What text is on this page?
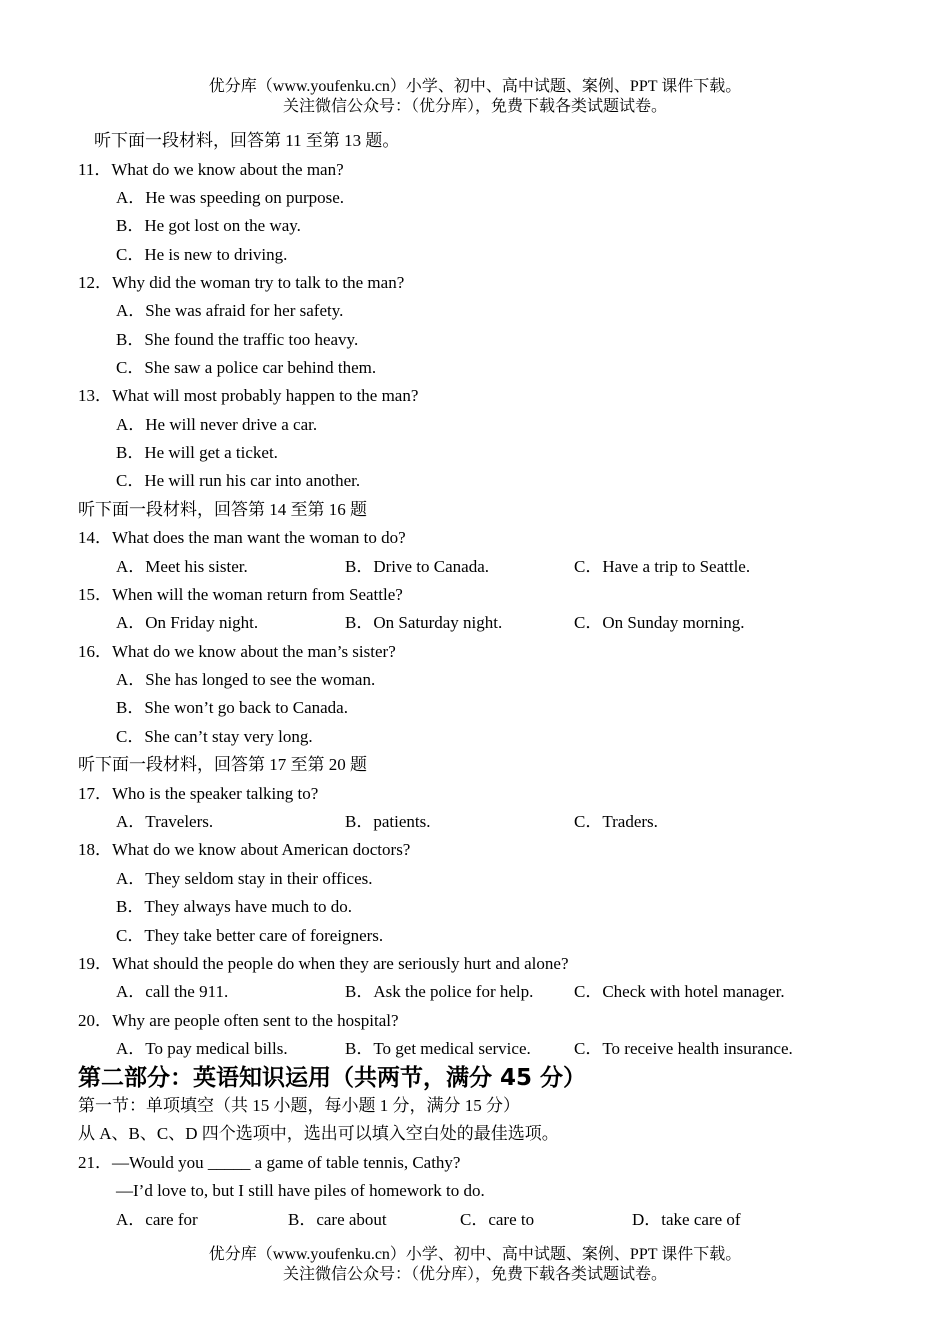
优分库（www.youfenku.cn）小学、初中、高中试题、案例、PPT 课件下载。
关注微信公众号：（优分库），免费下载各类试题试卷。
听下面一段材料，回答第 11 至第 13 题。
11．What do we know about the man?
A．He was speeding on purpose.
B．He got lost on the way.
C．He is new to driving.
12．Why did the woman try to talk to the man?
A．She was afraid for her safety.
B．She found the traffic too heavy.
C．She saw a police car behind them.
13．What will most probably happen to the man?
A．He will never drive a car.
B．He will get a ticket.
C．He will run his car into another.
听下面一段材料，回答第 14 至第 16 题
14．What does the man want the woman to do?
A．Meet his sister.	B．Drive to Canada.	C．Have a trip to Seattle.
15．When will the woman return from Seattle?
A．On Friday night.	B．On Saturday night.	C．On Sunday morning.
16．What do we know about the man’s sister?
A．She has longed to see the woman.
B．She won’t go back to Canada.
C．She can’t stay very long.
听下面一段材料，回答第 17 至第 20 题
17．Who is the speaker talking to?
A．Travelers.	B．patients.	C．Traders.
18．What do we know about American doctors?
A．They seldom stay in their offices.
B．They always have much to do.
C．They take better care of foreigners.
19．What should the people do when they are seriously hurt and alone?
A．call the 911.	B．Ask the police for help. C．Check with hotel manager.
20．Why are people often sent to the hospital?
A．To pay medical bills.	B．To get medical service.	C．To receive health insurance.
第二部分：英语知识运用（共两节，满分 45 分）
第一节：单项填空（共 15 小题，每小题 1 分，满分 15 分）
从 A、B、C、D 四个选项中，选出可以填入空白处的最佳选项。
21．—Would you _____ a game of table tennis, Cathy?
—I’d love to, but I still have piles of homework to do.
A．care for	B．care about	C．care to	D．take care of
优分库（www.youfenku.cn）小学、初中、高中试题、案例、PPT 课件下载。
关注微信公众号：（优分库），免费下载各类试题试卷。
